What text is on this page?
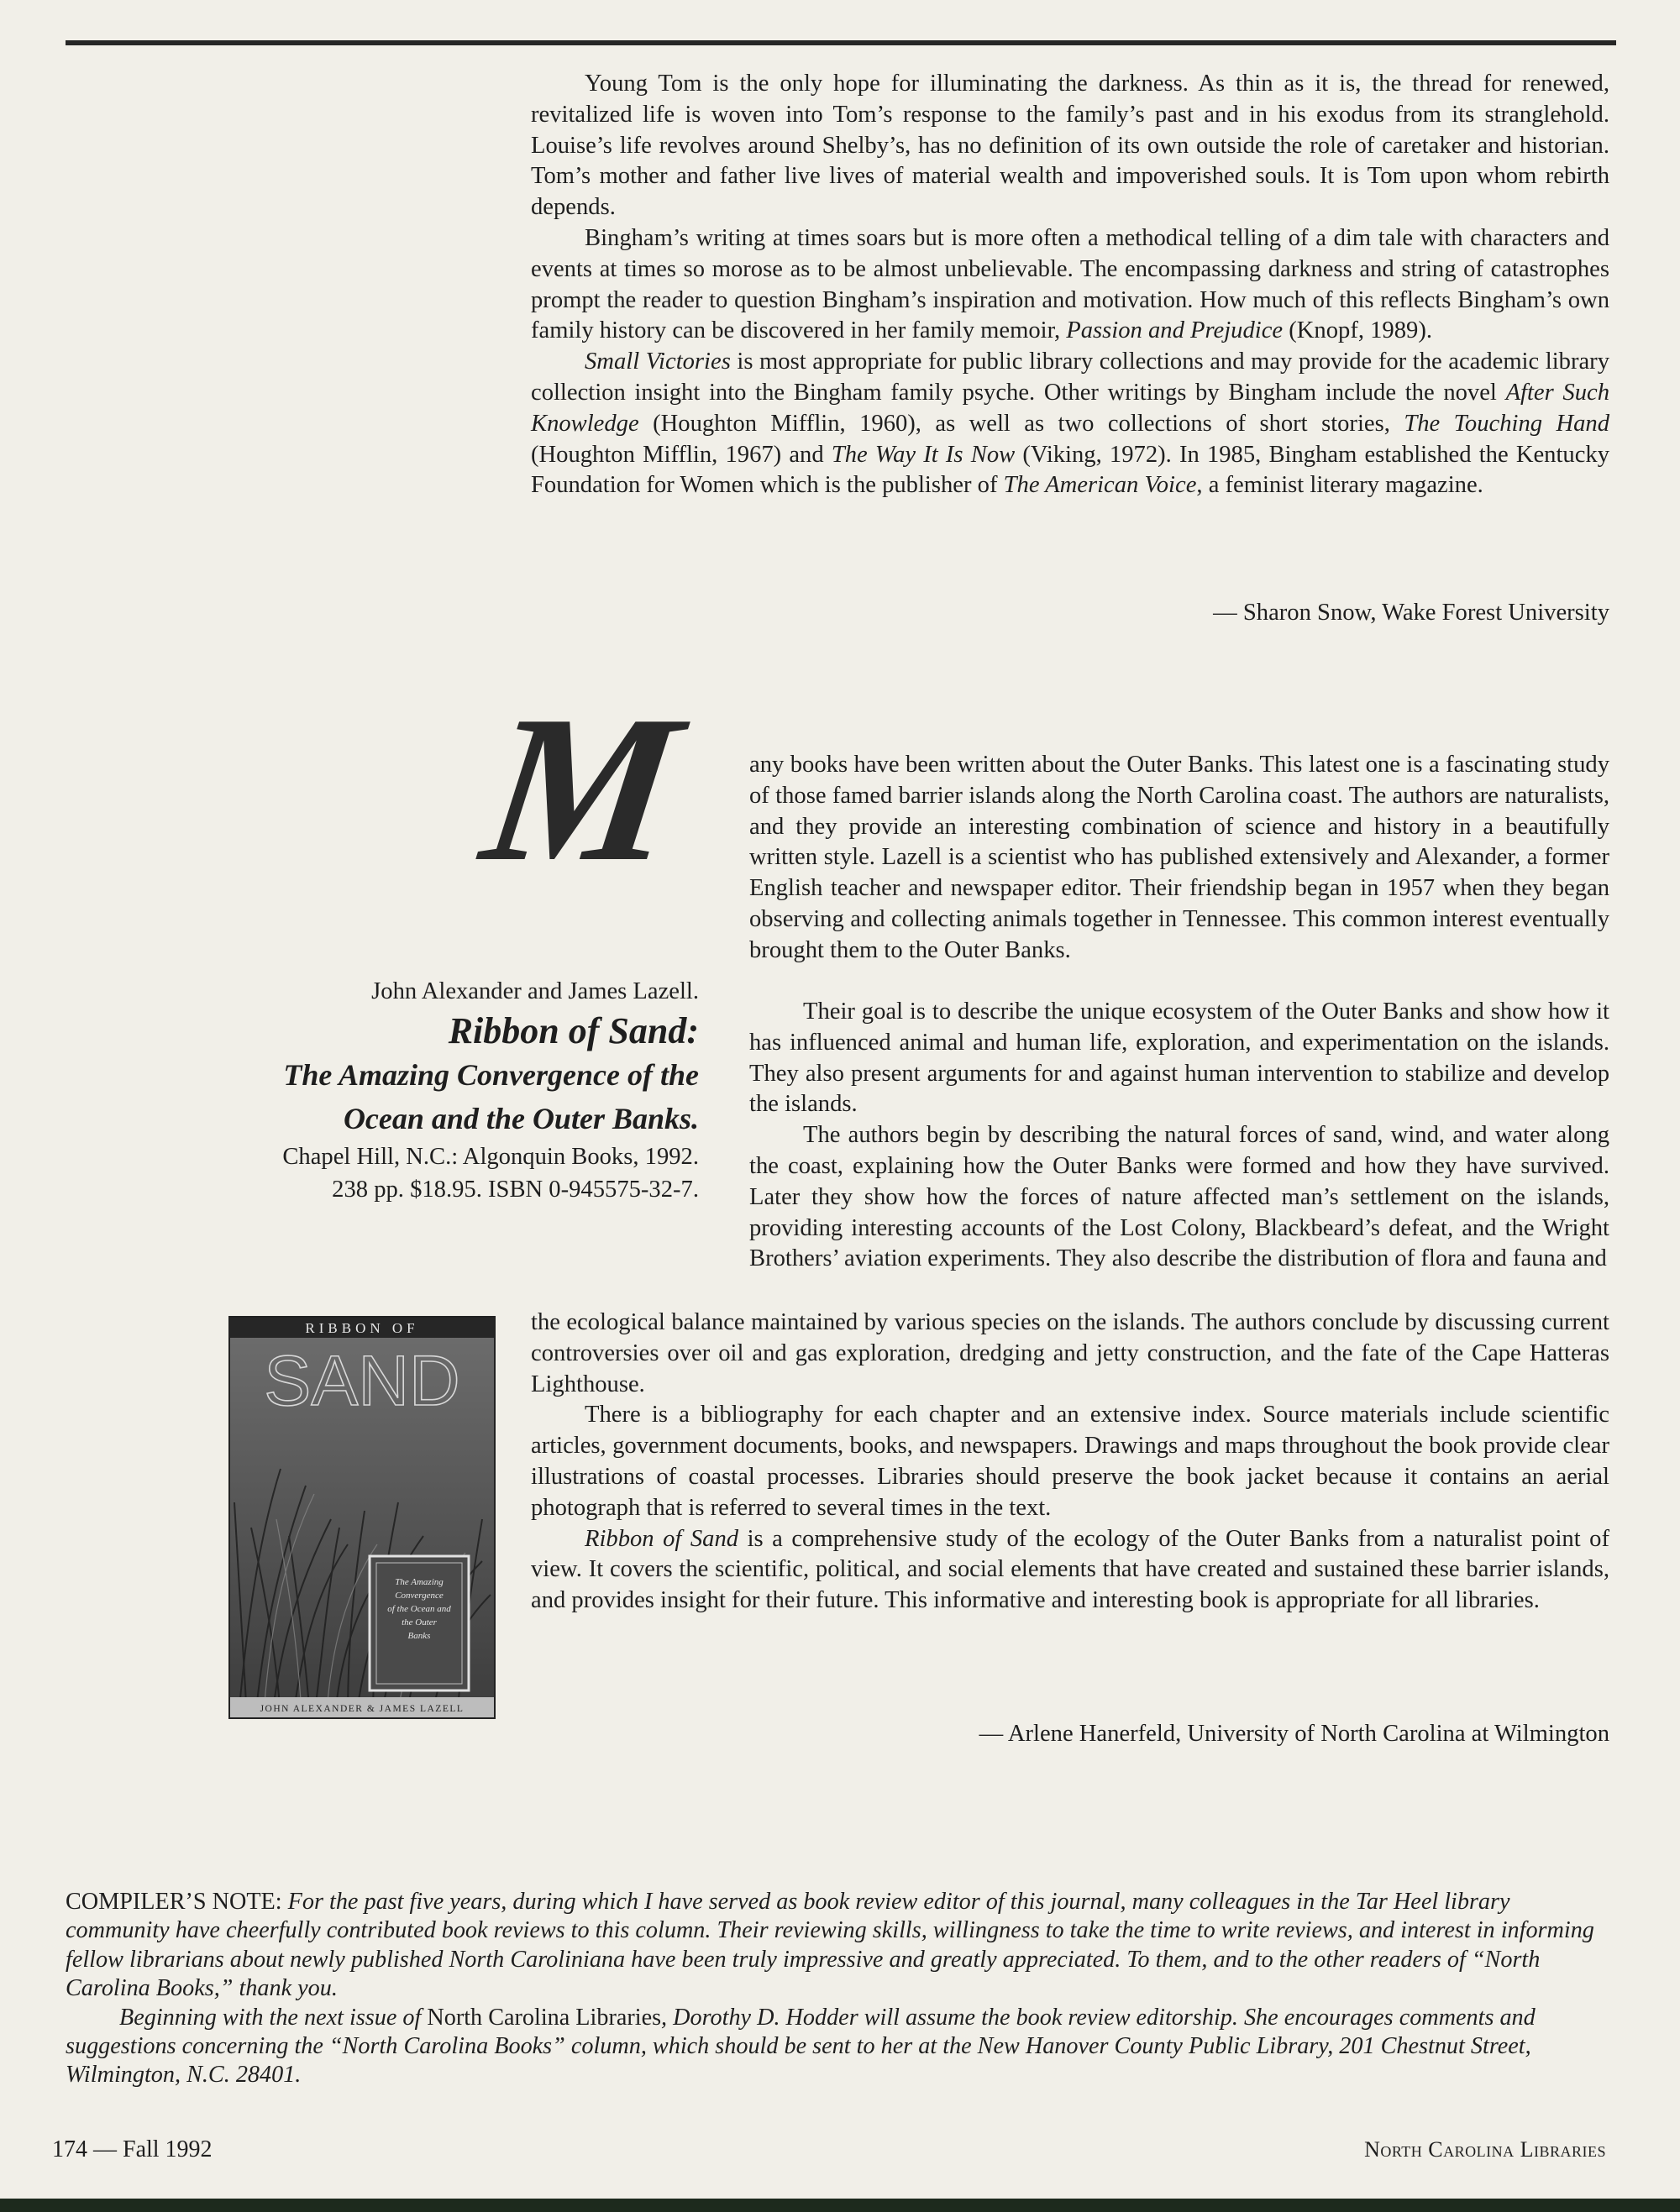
Young Tom is the only hope for illuminating the darkness. As thin as it is, the thread for renewed, revitalized life is woven into Tom’s response to the family’s past and in his exodus from its stranglehold. Louise’s life revolves around Shelby’s, has no definition of its own outside the role of caretaker and historian. Tom’s mother and father live lives of material wealth and impoverished souls. It is Tom upon whom rebirth depends.

Bingham’s writing at times soars but is more often a methodical telling of a dim tale with characters and events at times so morose as to be almost unbelievable. The encompassing darkness and string of catastrophes prompt the reader to question Bingham’s inspiration and motivation. How much of this reflects Bingham’s own family history can be discovered in her family memoir, Passion and Prejudice (Knopf, 1989).

Small Victories is most appropriate for public library collections and may provide for the academic library collection insight into the Bingham family psyche. Other writings by Bingham include the novel After Such Knowledge (Houghton Mifflin, 1960), as well as two collections of short stories, The Touching Hand (Houghton Mifflin, 1967) and The Way It Is Now (Viking, 1972). In 1985, Bingham established the Kentucky Foundation for Women which is the publisher of The American Voice, a feminist literary magazine.

— Sharon Snow, Wake Forest University
M any books have been written about the Outer Banks. This latest one is a fascinating study of those famed barrier islands along the North Carolina coast. The authors are naturalists, and they provide an interesting combination of science and history in a beautifully written style. Lazell is a scientist who has published extensively and Alexander, a former English teacher and newspaper editor. Their friendship began in 1957 when they began observing and collecting animals together in Tennessee. This common interest eventually brought them to the Outer Banks.

Their goal is to describe the unique ecosystem of the Outer Banks and show how it has influenced animal and human life, exploration, and experimentation on the islands. They also present arguments for and against human intervention to stabilize and develop the islands.

The authors begin by describing the natural forces of sand, wind, and water along the coast, explaining how the Outer Banks were formed and how they have survived. Later they show how the forces of nature affected man’s settlement on the islands, providing interesting accounts of the Lost Colony, Blackbeard’s defeat, and the Wright Brothers’ aviation experiments. They also describe the distribution of flora and fauna and

the ecological balance maintained by various species on the islands. The authors conclude by discussing current controversies over oil and gas exploration, dredging and jetty construction, and the fate of the Cape Hatteras Lighthouse.

There is a bibliography for each chapter and an extensive index. Source materials include scientific articles, government documents, books, and newspapers. Drawings and maps throughout the book provide clear illustrations of coastal processes. Libraries should preserve the book jacket because it contains an aerial photograph that is referred to several times in the text.

Ribbon of Sand is a comprehensive study of the ecology of the Outer Banks from a naturalist point of view. It covers the scientific, political, and social elements that have created and sustained these barrier islands, and provides insight for their future. This informative and interesting book is appropriate for all libraries.

— Arlene Hanerfeld, University of North Carolina at Wilmington
John Alexander and James Lazell.
Ribbon of Sand:
The Amazing Convergence of the
Ocean and the Outer Banks.
Chapel Hill, N.C.: Algonquin Books, 1992.
238 pp. $18.95. ISBN 0-945575-32-7.
RIBBON OF
SAND
The Amazing
Convergence
of the Ocean and
the Outer
Banks
JOHN ALEXANDER & JAMES LAZELL

COMPILER’S NOTE: For the past five years, during which I have served as book review editor of this journal, many colleagues in the Tar Heel library community have cheerfully contributed book reviews to this column. Their reviewing skills, willingness to take the time to write reviews, and interest in informing fellow librarians about newly published North Caroliniana have been truly impressive and greatly appreciated. To them, and to the other readers of “North Carolina Books,” thank you.

Beginning with the next issue of North Carolina Libraries, Dorothy D. Hodder will assume the book review editorship. She encourages comments and suggestions concerning the “North Carolina Books” column, which should be sent to her at the New Hanover County Public Library, 201 Chestnut Street, Wilmington, N.C. 28401.

174 — Fall 1992	North Carolina Libraries
